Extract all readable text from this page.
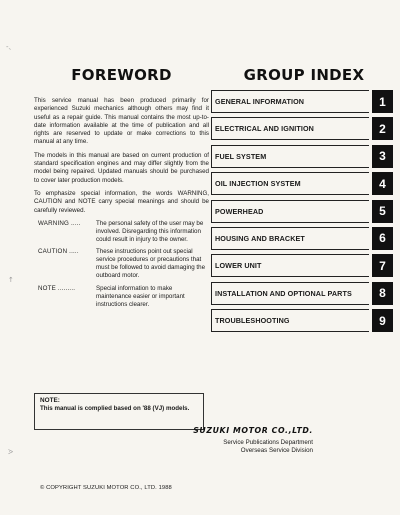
-、
↑
ᐷ
FOREWORD

This service manual has been produced primarily for experienced Suzuki mechanics although others may find it useful as a repair guide. This manual contains the most up-to-date information available at the time of publication and all rights are reserved to update or make corrections to this manual at any time.

The models in this manual are based on current production of standard specification engines and may differ slightly from the model being repaired. Updated manuals should be purchased to cover later production models.

To emphasize special information, the words WARNING, CAUTION and NOTE carry special meanings and should be carefully reviewed.

WARNING .....	The personal safety of the user may be involved. Disregarding this information could result in injury to the owner.
CAUTION .....	These instructions point out special service procedures or precautions that must be followed to avoid damaging the outboard motor.
NOTE .........	Special information to make maintenance easier or important instructions clearer.
NOTE:
This manual is complied based on '88 (VJ) models.
SUZUKI MOTOR CO.,LTD.
Service Publications Department
Overseas Service Division
© COPYRIGHT SUZUKI MOTOR CO., LTD. 1988
GROUP INDEX
GENERAL INFORMATION	1
ELECTRICAL AND IGNITION	2
FUEL SYSTEM	3
OIL INJECTION SYSTEM	4
POWERHEAD	5
HOUSING AND BRACKET	6
LOWER UNIT	7
INSTALLATION AND OPTIONAL PARTS	8
TROUBLESHOOTING	9
